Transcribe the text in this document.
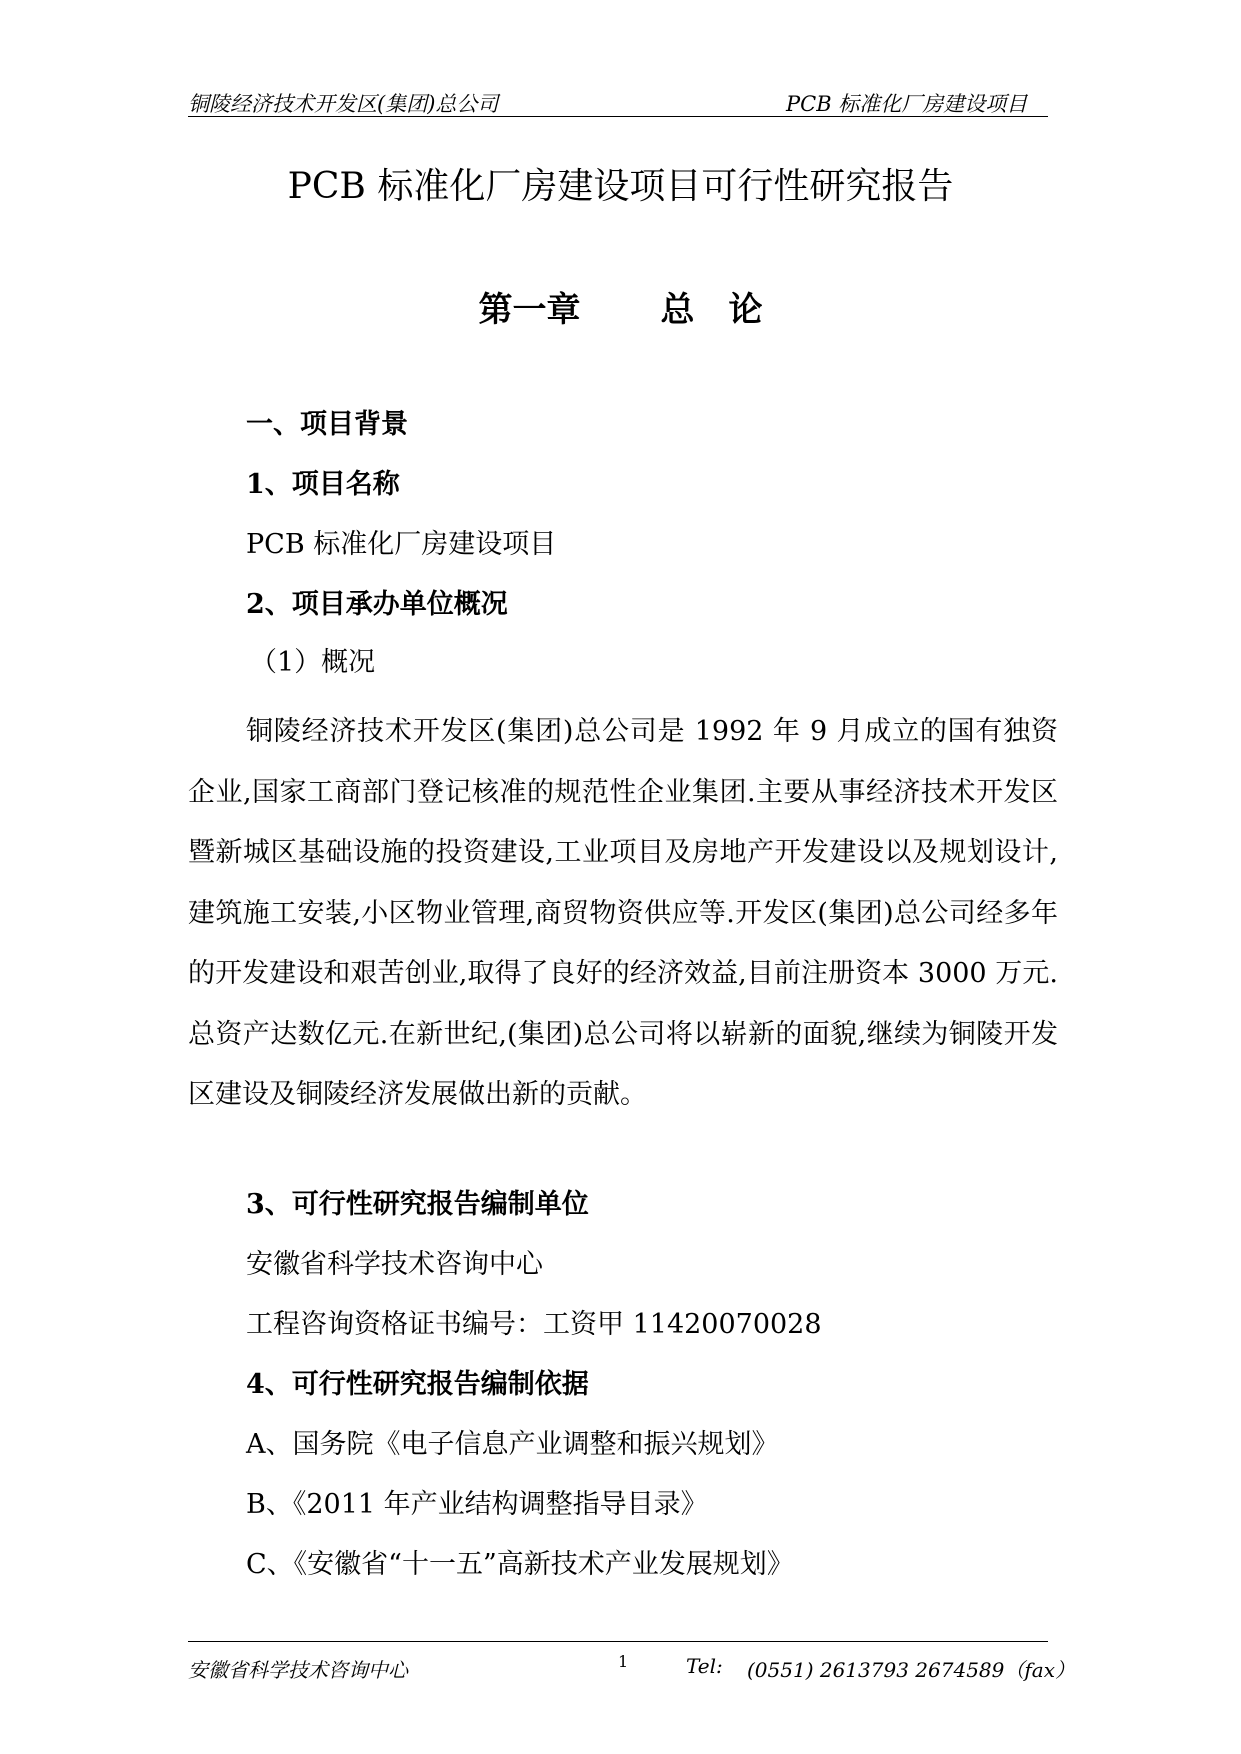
铜陵经济技术开发区(集团)总公司	PCB 标准化厂房建设项目
PCB 标准化厂房建设项目可行性研究报告
第一章 总 论
一、项目背景
1、项目名称
PCB 标准化厂房建设项目
2、项目承办单位概况
（1）概况
铜陵经济技术开发区(集团)总公司是 1992 年 9 月成立的国有独资企业,国家工商部门登记核准的规范性企业集团.主要从事经济技术开发区暨新城区基础设施的投资建设,工业项目及房地产开发建设以及规划设计,建筑施工安装,小区物业管理,商贸物资供应等.开发区(集团)总公司经多年的开发建设和艰苦创业,取得了良好的经济效益,目前注册资本 3000 万元.总资产达数亿元.在新世纪,(集团)总公司将以崭新的面貌,继续为铜陵开发区建设及铜陵经济发展做出新的贡献。
3、可行性研究报告编制单位
安徽省科学技术咨询中心
工程咨询资格证书编号：工资甲 11420070028
4、可行性研究报告编制依据
A、国务院《电子信息产业调整和振兴规划》
B、《2011 年产业结构调整指导目录》
C、《安徽省“十一五”高新技术产业发展规划》
安徽省科学技术咨询中心	1	Tel: (0551) 2613793 2674589（fax）
